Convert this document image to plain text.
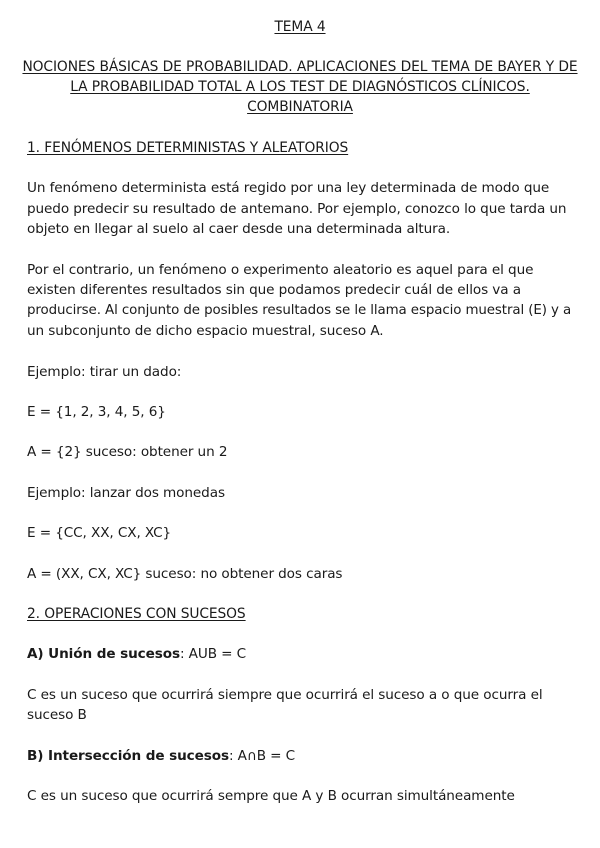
TEMA 4
NOCIONES BÁSICAS DE PROBABILIDAD. APLICACIONES DEL TEMA DE BAYER Y DE
LA PROBABILIDAD TOTAL A LOS TEST DE DIAGNÓSTICOS CLÍNICOS.
COMBINATORIA
1. FENÓMENOS DETERMINISTAS Y ALEATORIOS
Un fenómeno determinista está regido por una ley determinada de modo que
puedo predecir su resultado de antemano. Por ejemplo, conozco lo que tarda un
objeto en llegar al suelo al caer desde una determinada altura.
Por el contrario, un fenómeno o experimento aleatorio es aquel para el que
existen diferentes resultados sin que podamos predecir cuál de ellos va a
producirse. Al conjunto de posibles resultados se le llama espacio muestral (E) y a
un subconjunto de dicho espacio muestral, suceso A.
Ejemplo: tirar un dado:
E = {1, 2, 3, 4, 5, 6}
A = {2} suceso: obtener un 2
Ejemplo: lanzar dos monedas
E = {CC, XX, CX, XC}
A = (XX, CX, XC} suceso: no obtener dos caras
2. OPERACIONES CON SUCESOS
A) Unión de sucesos: AUB = C
C es un suceso que ocurrirá siempre que ocurrirá el suceso a o que ocurra el
suceso B
B) Intersección de sucesos: A∩B = C
C es un suceso que ocurrirá sempre que A y B ocurran simultáneamente
